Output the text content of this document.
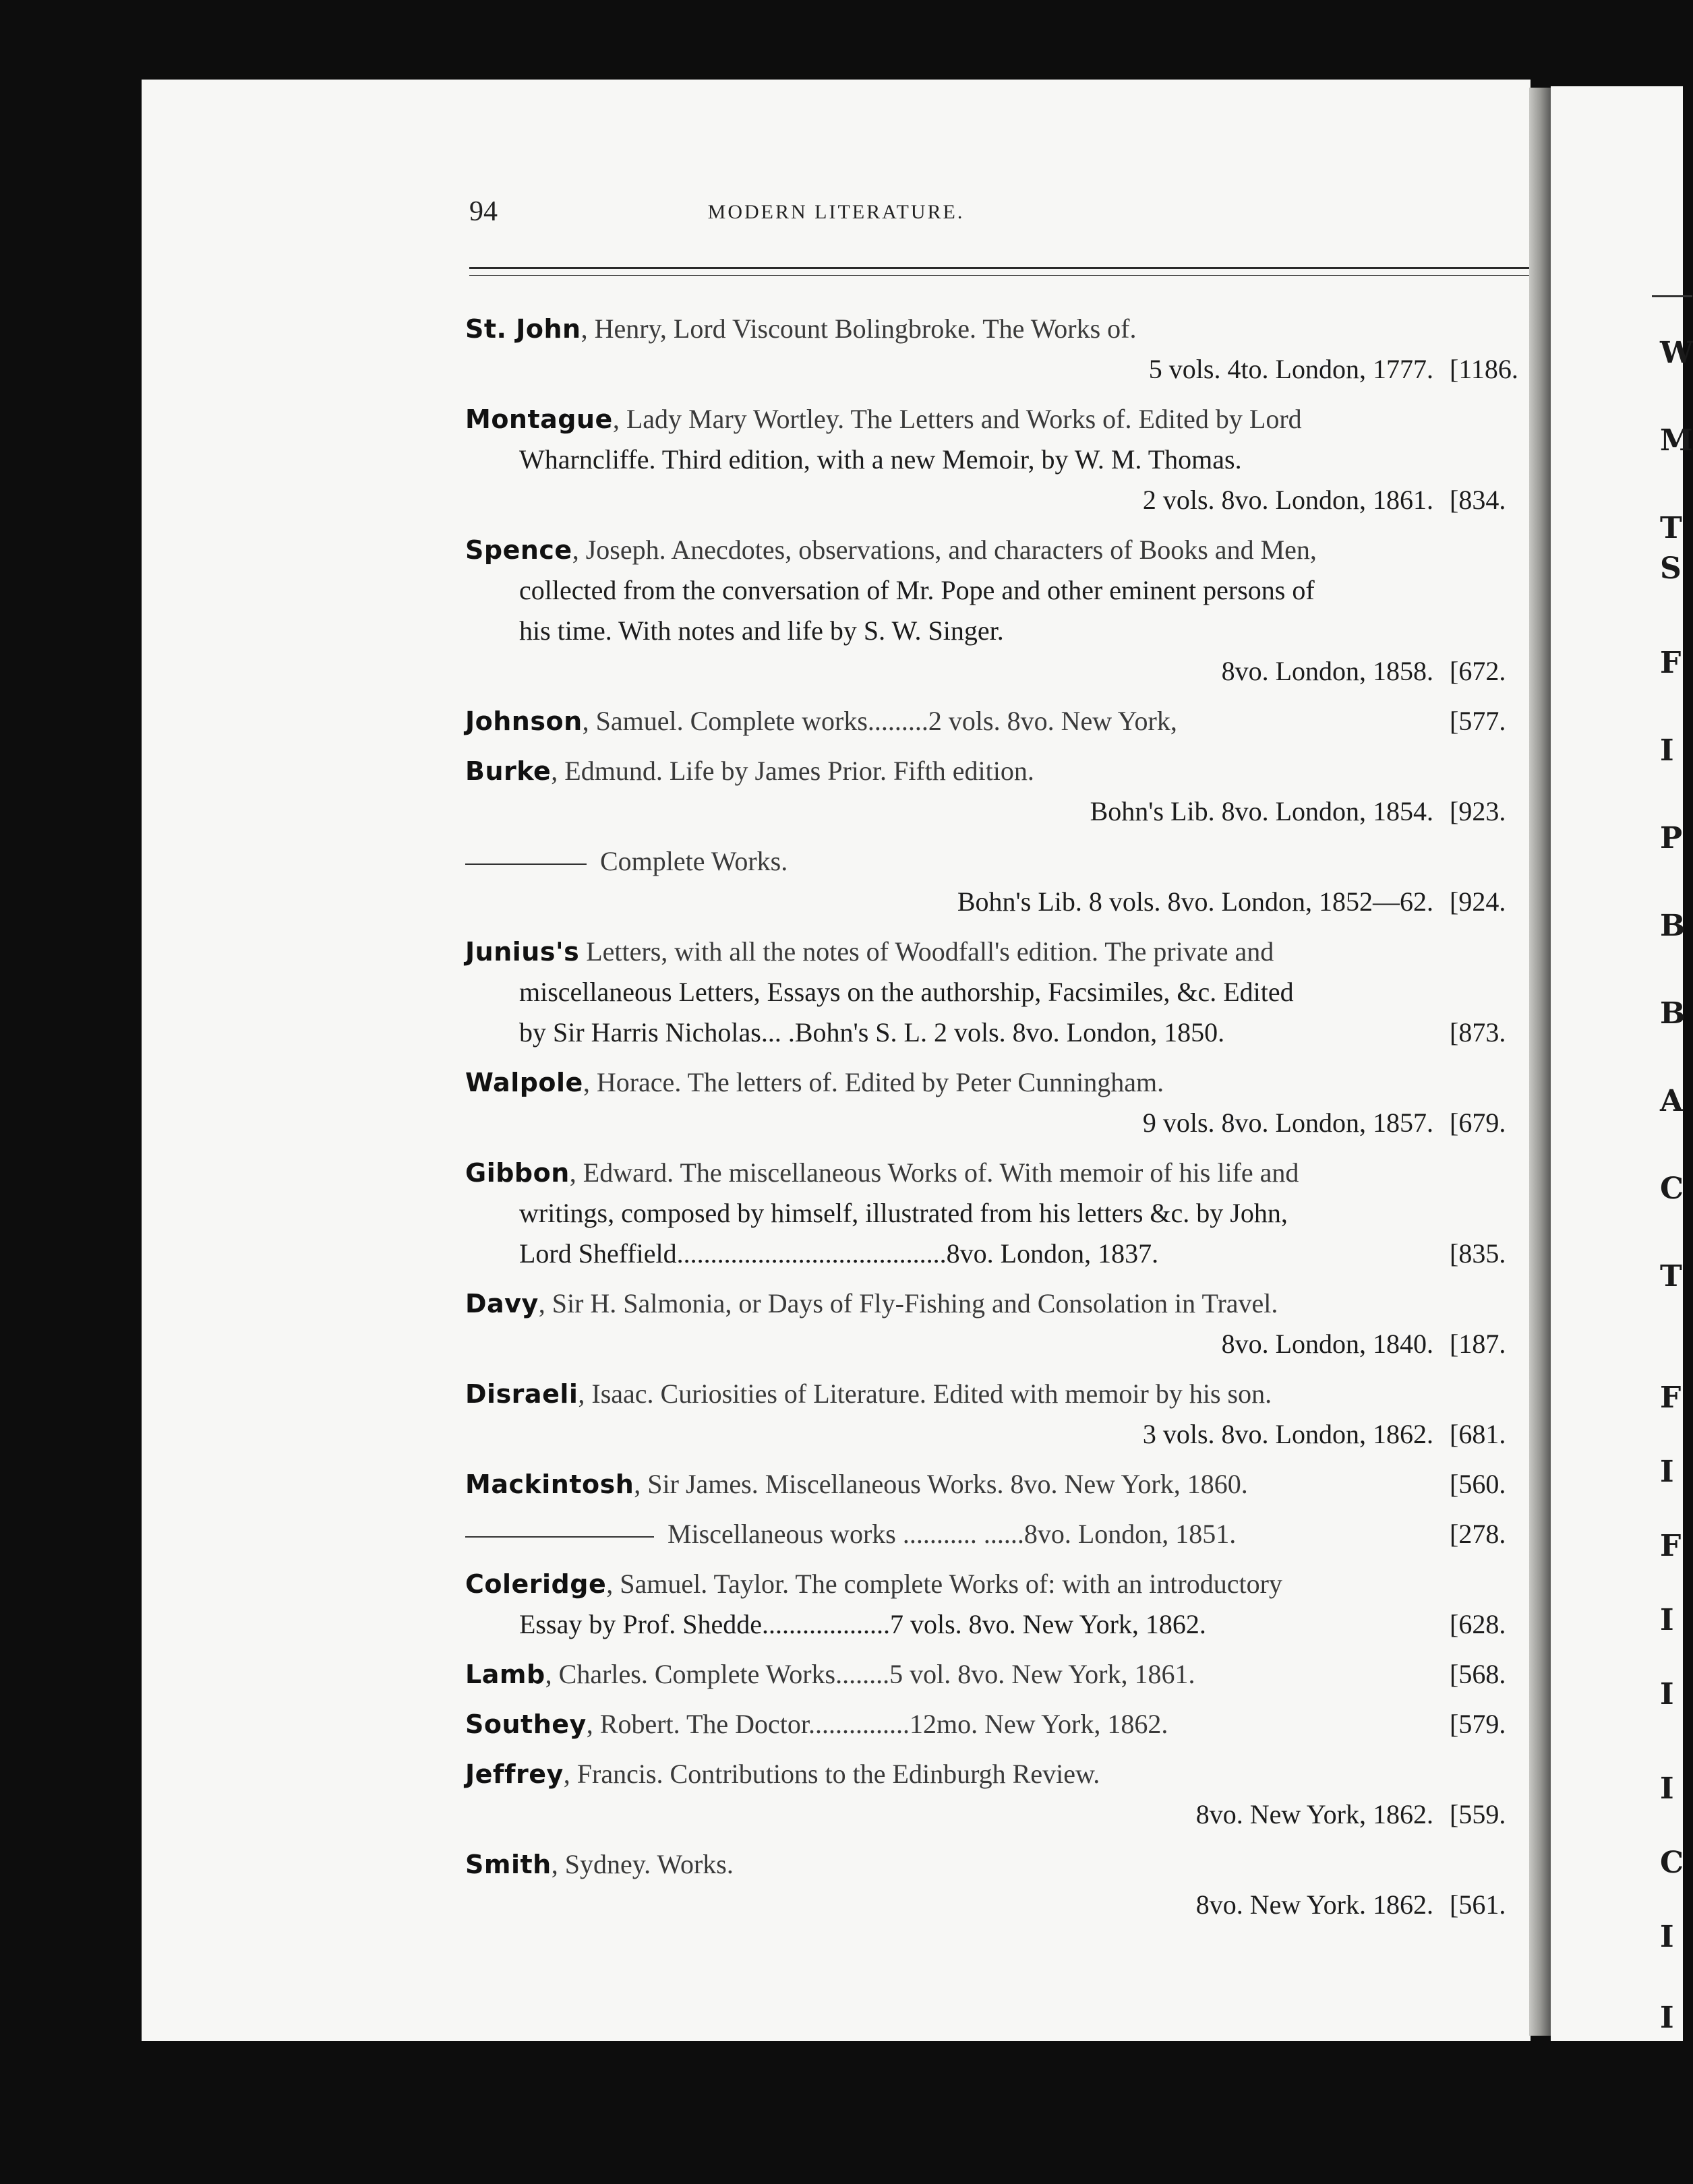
94	MODERN LITERATURE.
St. John, Henry, Lord Viscount Bolingbroke. The Works of.
5 vols. 4to. London, 1777. [1186.
Montague, Lady Mary Wortley. The Letters and Works of. Edited by Lord
Wharncliffe. Third edition, with a new Memoir, by W. M. Thomas.
2 vols. 8vo. London, 1861. [834.
Spence, Joseph. Anecdotes, observations, and characters of Books and Men,
collected from the conversation of Mr. Pope and other eminent persons of
his time. With notes and life by S. W. Singer.
8vo. London, 1858. [672.
Johnson, Samuel. Complete works.........2 vols. 8vo. New York,	[577.
Burke, Edmund. Life by James Prior. Fifth edition.
Bohn's Lib. 8vo. London, 1854. [923.
Complete Works.
Bohn's Lib. 8 vols. 8vo. London, 1852—62. [924.
Junius's Letters, with all the notes of Woodfall's edition. The private and
miscellaneous Letters, Essays on the authorship, Facsimiles, &c. Edited
by Sir Harris Nicholas... .Bohn's S. L. 2 vols. 8vo. London, 1850.	[873.
Walpole, Horace. The letters of. Edited by Peter Cunningham.
9 vols. 8vo. London, 1857. [679.
Gibbon, Edward. The miscellaneous Works of. With memoir of his life and
writings, composed by himself, illustrated from his letters &c. by John,
Lord Sheffield........................................8vo. London, 1837.	[835.
Davy, Sir H. Salmonia, or Days of Fly-Fishing and Consolation in Travel.
8vo. London, 1840. [187.
Disraeli, Isaac. Curiosities of Literature. Edited with memoir by his son.
3 vols. 8vo. London, 1862. [681.
Mackintosh, Sir James. Miscellaneous Works. 8vo. New York, 1860.	[560.
Miscellaneous works ........... ......8vo. London, 1851.	[278.
Coleridge, Samuel. Taylor. The complete Works of: with an introductory
Essay by Prof. Shedde...................7 vols. 8vo. New York, 1862.	[628.
Lamb, Charles. Complete Works........5 vol. 8vo. New York, 1861.	[568.
Southey, Robert. The Doctor...............12mo. New York, 1862.	[579.
Jeffrey, Francis. Contributions to the Edinburgh Review.
8vo. New York, 1862. [559.
Smith, Sydney. Works.
8vo. New York. 1862. [561.
W
M
T
S
F
I
P
B
B
A
C
T
F
I
F
I
I
I
C
I
I
